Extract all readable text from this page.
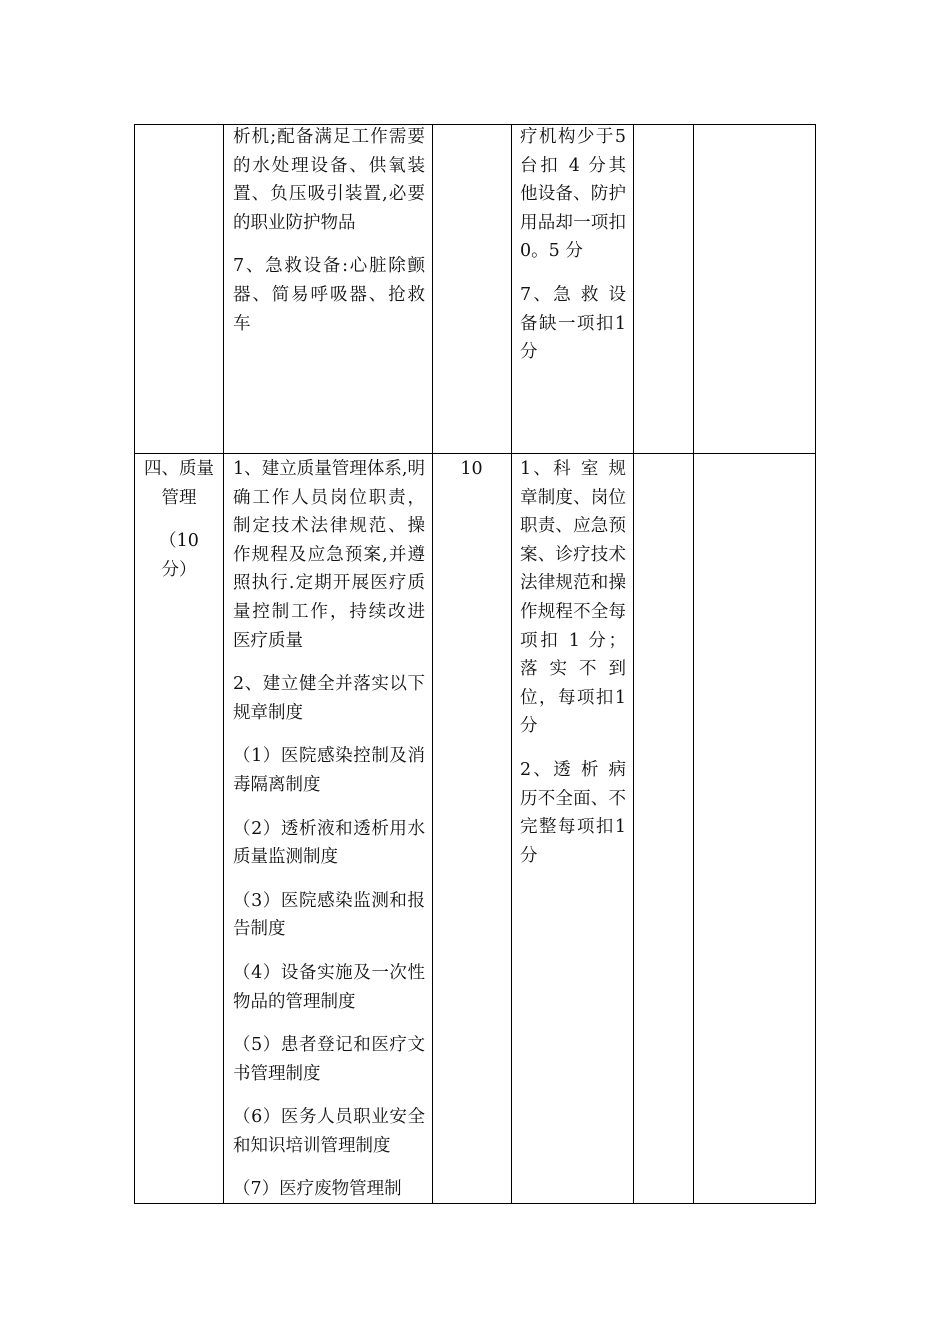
析机;配备满足工作需要的水处理设备、供氧装置、负压吸引装置,必要的职业防护物品

7、急救设备:心脏除颤器、简易呼吸器、抢救车

疗机构少于5 台扣 4 分其他设备、防护用品却一项扣 0。5 分

7、急 救 设备缺一项扣1 分

四、质量管理

（10分）

1、建立质量管理体系,明确工作人员岗位职责，制定技术法律规范、操作规程及应急预案,并遵照执行.定期开展医疗质量控制工作，持续改进医疗质量

2、建立健全并落实以下规章制度

（1）医院感染控制及消毒隔离制度

（2）透析液和透析用水质量监测制度

（3）医院感染监测和报告制度

（4）设备实施及一次性物品的管理制度

（5）患者登记和医疗文书管理制度

（6）医务人员职业安全和知识培训管理制度

（7）医疗废物管理制

10	1、科 室 规章制度、岗位职责、应急预案、诊疗技术法律规范和操作规程不全每项扣 1 分；落 实 不 到位，每项扣1 分

2、透 析 病历不全面、不完整每项扣1 分
